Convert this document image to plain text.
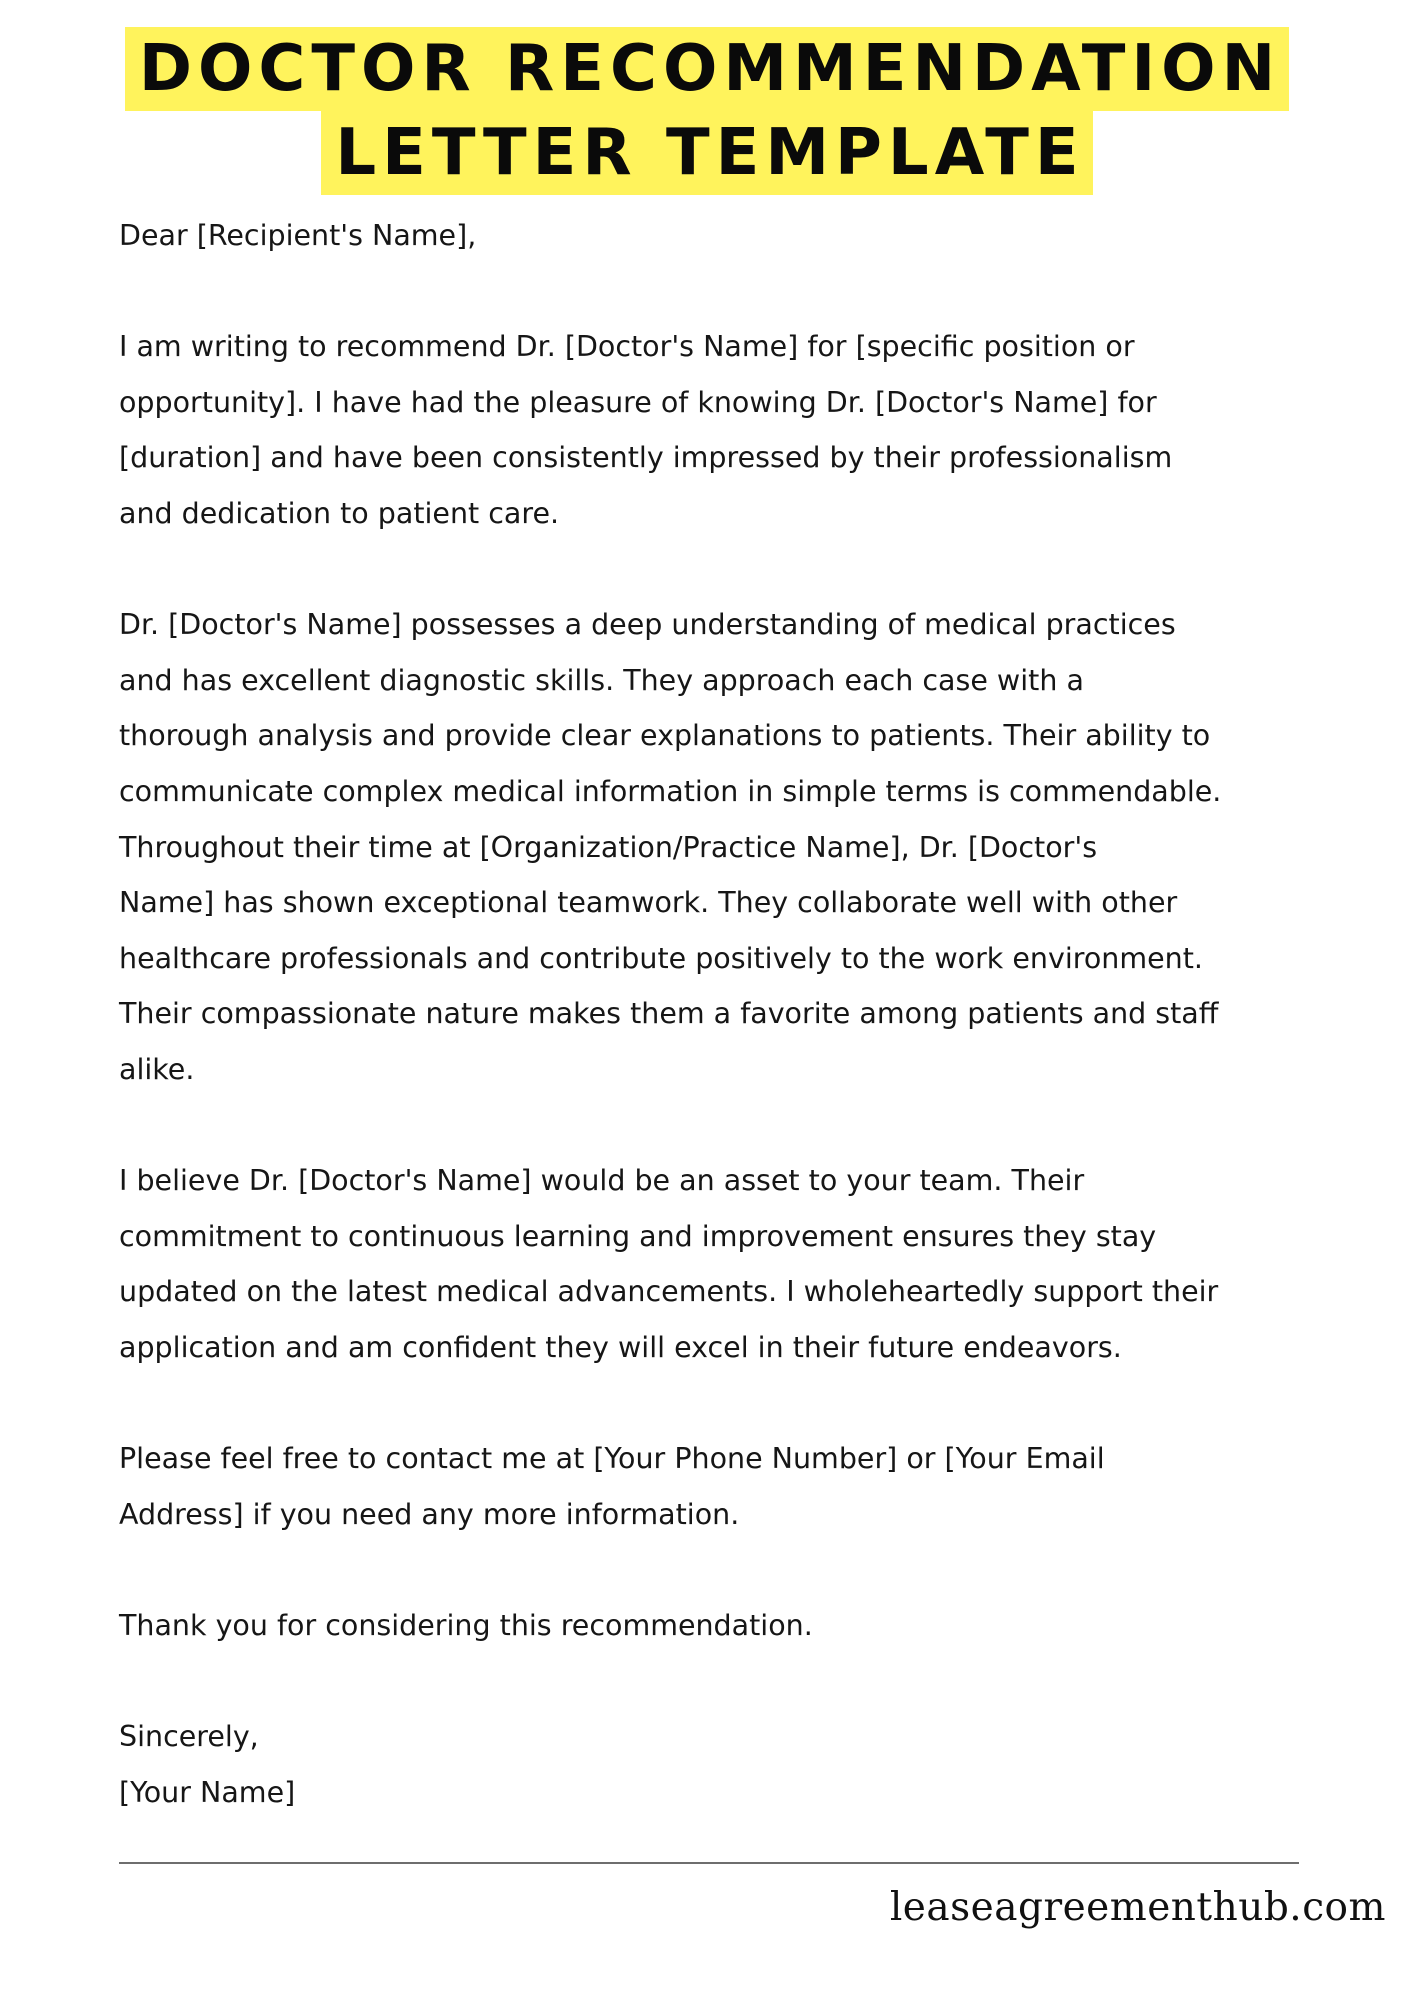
DOCTOR RECOMMENDATION
LETTER TEMPLATE

Dear [Recipient's Name],

I am writing to recommend Dr. [Doctor's Name] for [specific position or

opportunity]. I have had the pleasure of knowing Dr. [Doctor's Name] for

[duration] and have been consistently impressed by their professionalism

and dedication to patient care.

Dr. [Doctor's Name] possesses a deep understanding of medical practices

and has excellent diagnostic skills. They approach each case with a

thorough analysis and provide clear explanations to patients. Their ability to

communicate complex medical information in simple terms is commendable.

Throughout their time at [Organization/Practice Name], Dr. [Doctor's

Name] has shown exceptional teamwork. They collaborate well with other

healthcare professionals and contribute positively to the work environment.

Their compassionate nature makes them a favorite among patients and staff

alike.

I believe Dr. [Doctor's Name] would be an asset to your team. Their

commitment to continuous learning and improvement ensures they stay

updated on the latest medical advancements. I wholeheartedly support their

application and am confident they will excel in their future endeavors.

Please feel free to contact me at [Your Phone Number] or [Your Email

Address] if you need any more information.

Thank you for considering this recommendation.

Sincerely,

[Your Name]

leaseagreementhub.com
